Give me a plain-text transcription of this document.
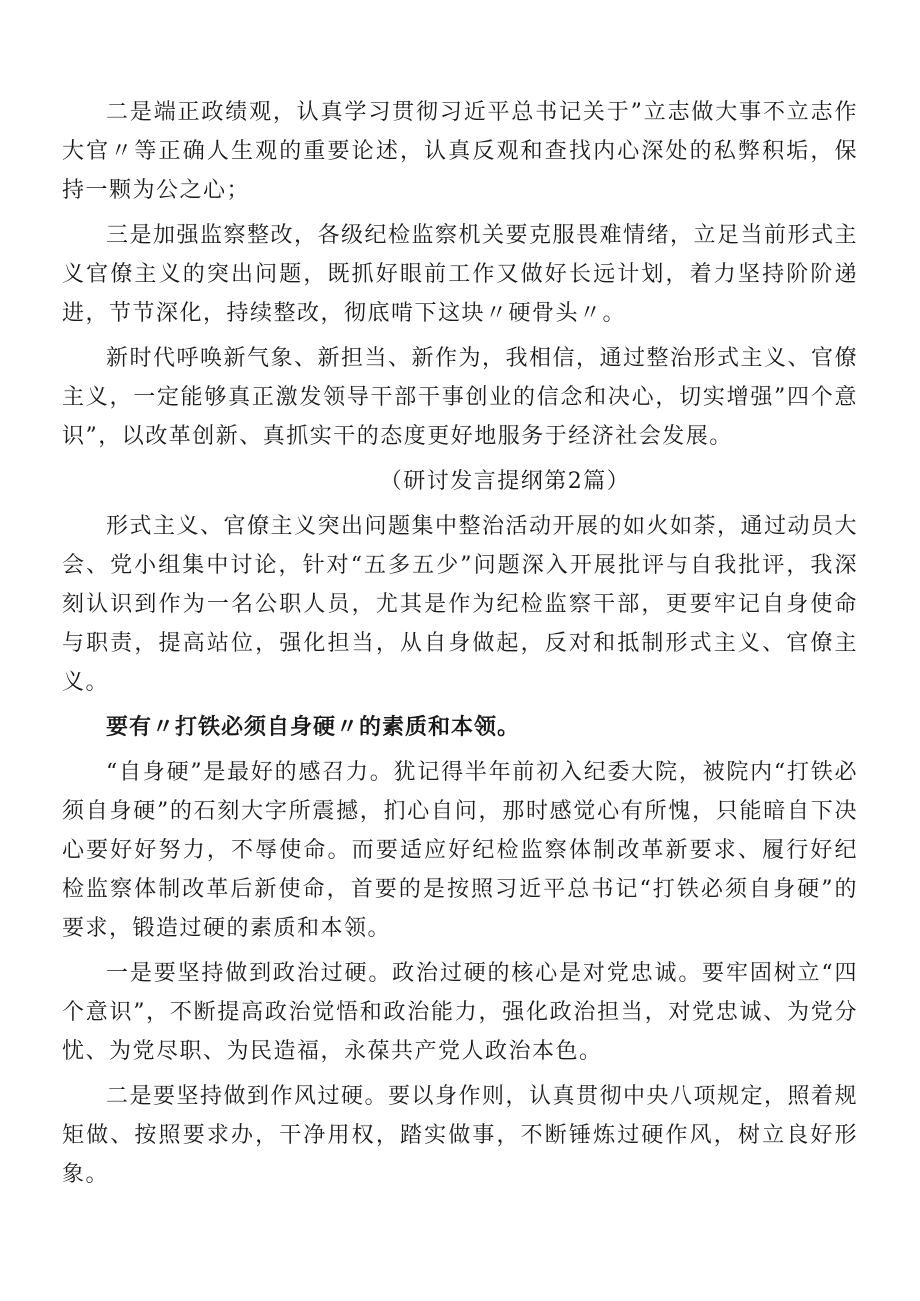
二是端正政绩观，认真学习贯彻习近平总书记关于”立志做大事不立志作大官〃等正确人生观的重要论述，认真反观和查找内心深处的私弊积垢，保持一颗为公之心；

三是加强监察整改，各级纪检监察机关要克服畏难情绪，立足当前形式主义官僚主义的突出问题，既抓好眼前工作又做好长远计划，着力坚持阶阶递进，节节深化，持续整改，彻底啃下这块〃硬骨头〃。

新时代呼唤新气象、新担当、新作为，我相信，通过整治形式主义、官僚主义，一定能够真正激发领导干部干事创业的信念和决心，切实增强”四个意识”，以改革创新、真抓实干的态度更好地服务于经济社会发展。

（研讨发言提纲第2篇）

形式主义、官僚主义突出问题集中整治活动开展的如火如荼，通过动员大会、党小组集中讨论，针对“五多五少”问题深入开展批评与自我批评，我深刻认识到作为一名公职人员，尤其是作为纪检监察干部，更要牢记自身使命与职责，提高站位，强化担当，从自身做起，反对和抵制形式主义、官僚主义。

要有〃打铁必须自身硬〃的素质和本领。

“自身硬”是最好的感召力。犹记得半年前初入纪委大院，被院内“打铁必须自身硬”的石刻大字所震撼，扪心自问，那时感觉心有所愧，只能暗自下决心要好好努力，不辱使命。而要适应好纪检监察体制改革新要求、履行好纪检监察体制改革后新使命，首要的是按照习近平总书记“打铁必须自身硬”的要求，锻造过硬的素质和本领。

一是要坚持做到政治过硬。政治过硬的核心是对党忠诚。要牢固树立“四个意识”，不断提高政治觉悟和政治能力，强化政治担当，对党忠诚、为党分忧、为党尽职、为民造福，永葆共产党人政治本色。

二是要坚持做到作风过硬。要以身作则，认真贯彻中央八项规定，照着规矩做、按照要求办，干净用权，踏实做事，不断锤炼过硬作风，树立良好形象。
